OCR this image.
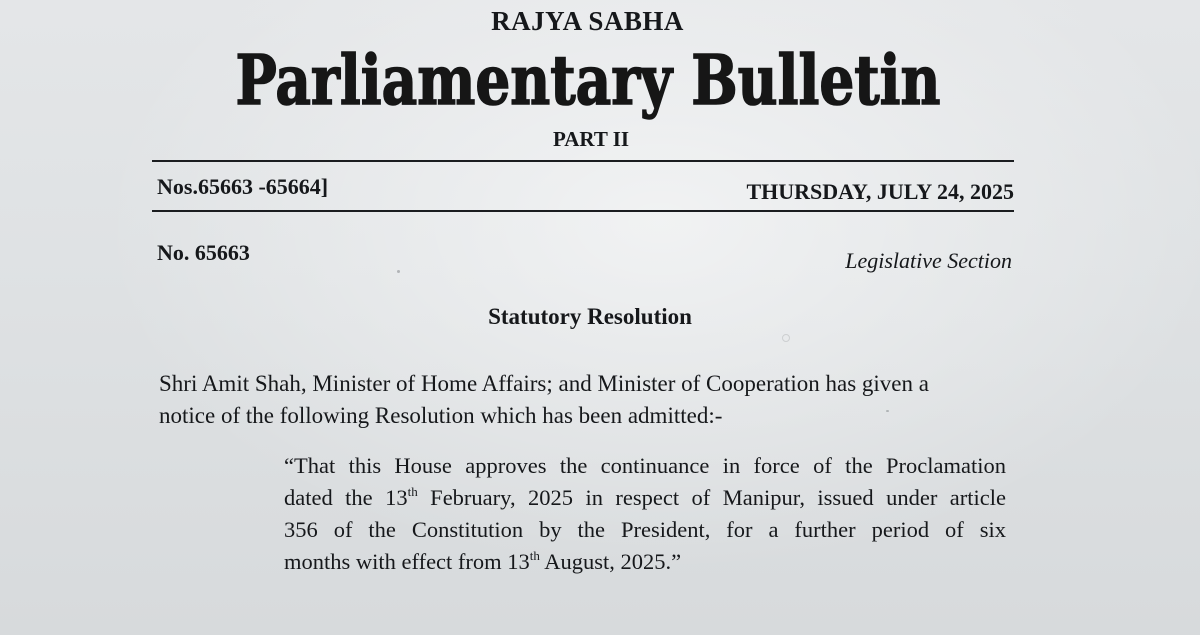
RAJYA SABHA
Parliamentary Bulletin
PART II
Nos.65663 -65664]	THURSDAY, JULY 24, 2025
No. 65663	Legislative Section
Statutory Resolution
Shri Amit Shah, Minister of Home Affairs; and Minister of Cooperation has given a
notice of the following Resolution which has been admitted:-
“That this House approves the continuance in force of the Proclamation
dated the 13th February, 2025 in respect of Manipur, issued under article
356 of the Constitution by the President, for a further period of six
months with effect from 13th August, 2025.”
